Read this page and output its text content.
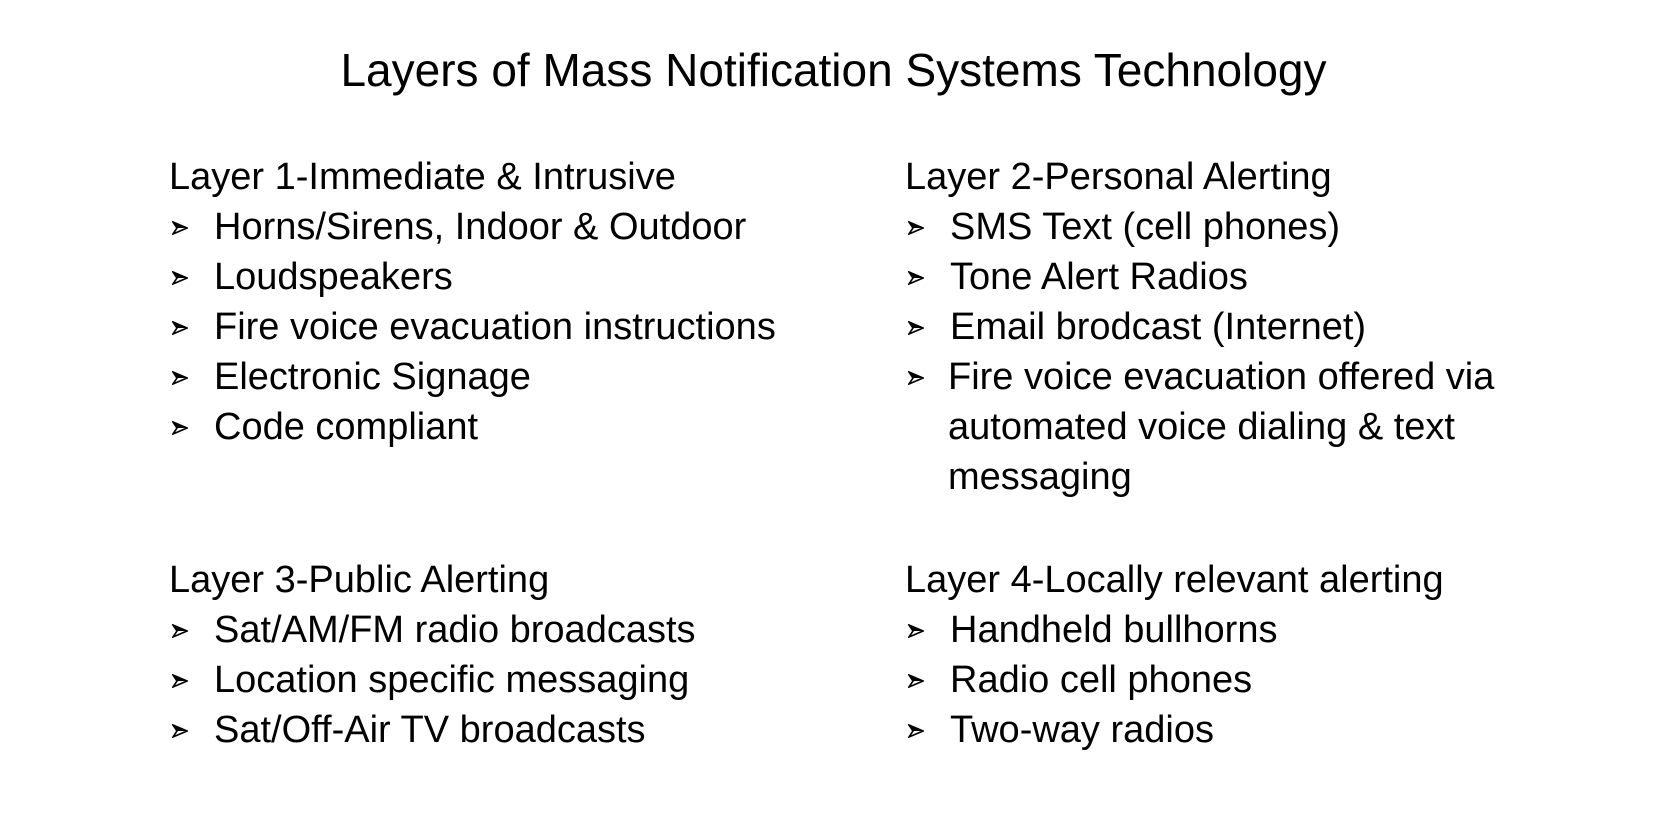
Layers of Mass Notification Systems Technology
Layer 1-Immediate & Intrusive
Horns/Sirens, Indoor & Outdoor
Loudspeakers
Fire voice evacuation instructions
Electronic Signage
Code compliant
Layer 2-Personal Alerting
SMS Text (cell phones)
Tone Alert Radios
Email brodcast (Internet)
Fire voice evacuation offered via automated voice dialing & text messaging
Layer 3-Public Alerting
Sat/AM/FM radio broadcasts
Location specific messaging
Sat/Off-Air TV broadcasts
Layer 4-Locally relevant alerting
Handheld bullhorns
Radio cell phones
Two-way radios
